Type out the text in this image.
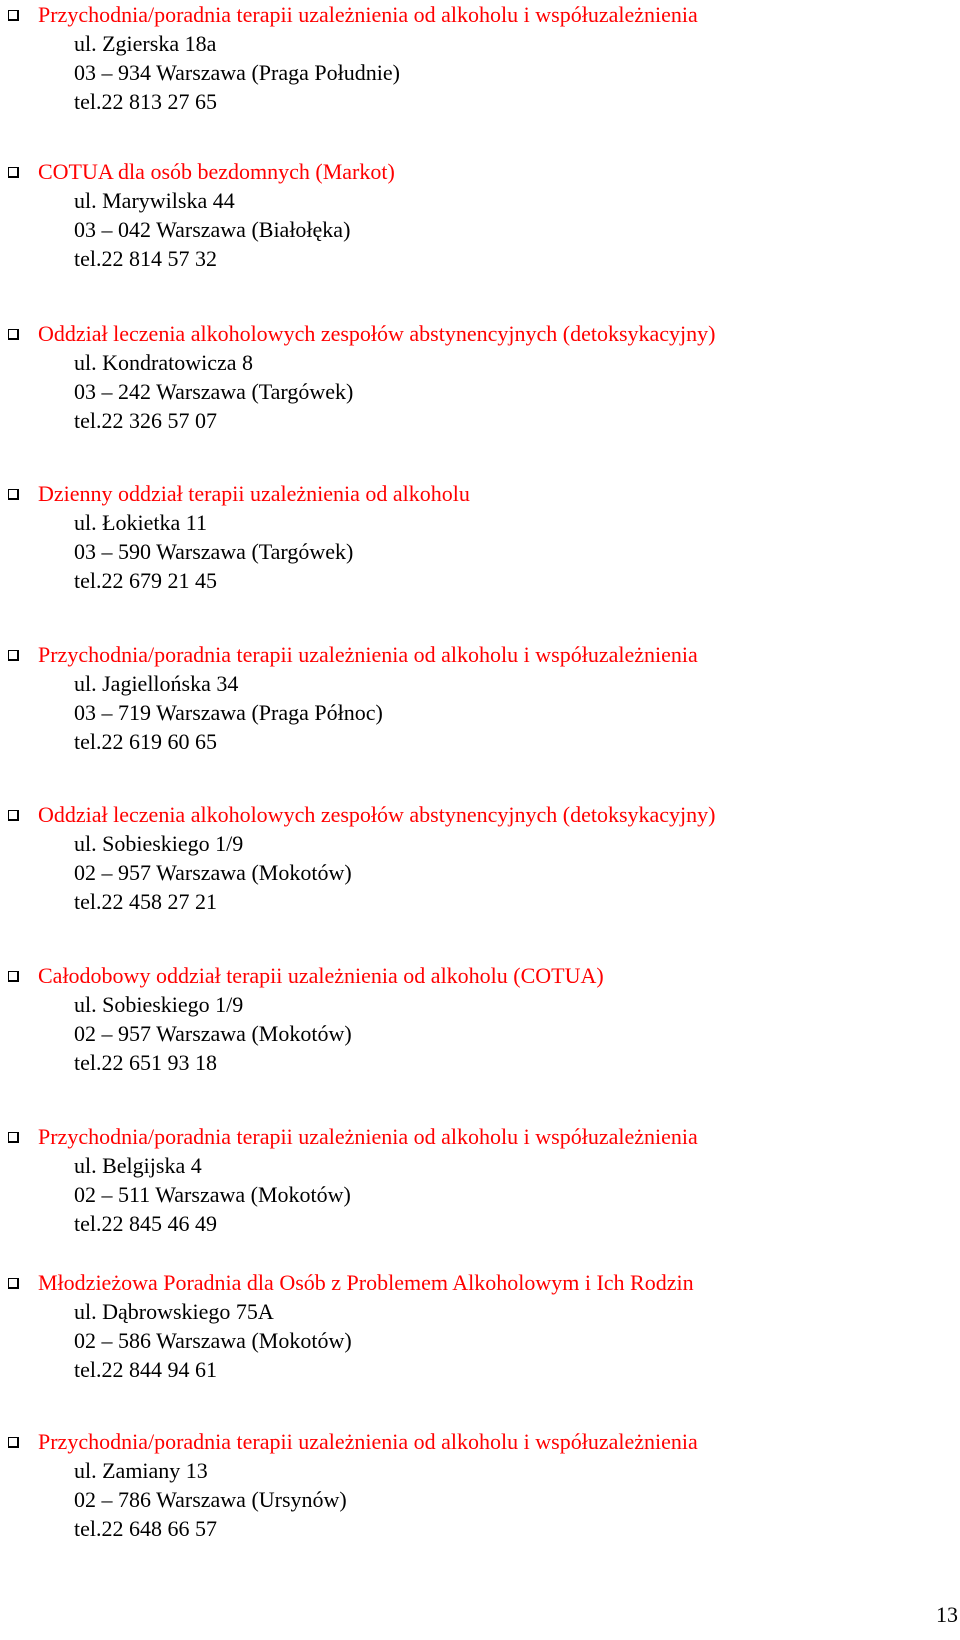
Przychodnia/poradnia terapii uzależnienia od alkoholu i współuzależnienia
ul. Zgierska 18a
03 – 934 Warszawa (Praga Południe)
tel.22 813 27 65
COTUA dla osób bezdomnych (Markot)
ul. Marywilska 44
03 – 042 Warszawa (Białołęka)
tel.22 814 57 32
Oddział leczenia alkoholowych zespołów abstynencyjnych (detoksykacyjny)
ul. Kondratowicza 8
03 – 242 Warszawa (Targówek)
tel.22 326 57 07
Dzienny oddział terapii uzależnienia od alkoholu
ul. Łokietka 11
03 – 590 Warszawa (Targówek)
tel.22 679 21 45
Przychodnia/poradnia terapii uzależnienia od alkoholu i współuzależnienia
ul. Jagiellońska 34
03 – 719 Warszawa (Praga Północ)
tel.22 619 60 65
Oddział leczenia alkoholowych zespołów abstynencyjnych (detoksykacyjny)
ul. Sobieskiego 1/9
02 – 957 Warszawa (Mokotów)
tel.22 458 27 21
Całodobowy oddział terapii uzależnienia od alkoholu (COTUA)
ul. Sobieskiego 1/9
02 – 957 Warszawa (Mokotów)
tel.22 651 93 18
Przychodnia/poradnia terapii uzależnienia od alkoholu i współuzależnienia
ul. Belgijska 4
02 – 511 Warszawa (Mokotów)
tel.22 845 46 49
Młodzieżowa Poradnia dla Osób z Problemem Alkoholowym i Ich Rodzin
ul. Dąbrowskiego 75A
02 – 586 Warszawa (Mokotów)
tel.22 844 94 61
Przychodnia/poradnia terapii uzależnienia od alkoholu i współuzależnienia
ul. Zamiany 13
02 – 786 Warszawa (Ursynów)
tel.22 648 66 57
13
